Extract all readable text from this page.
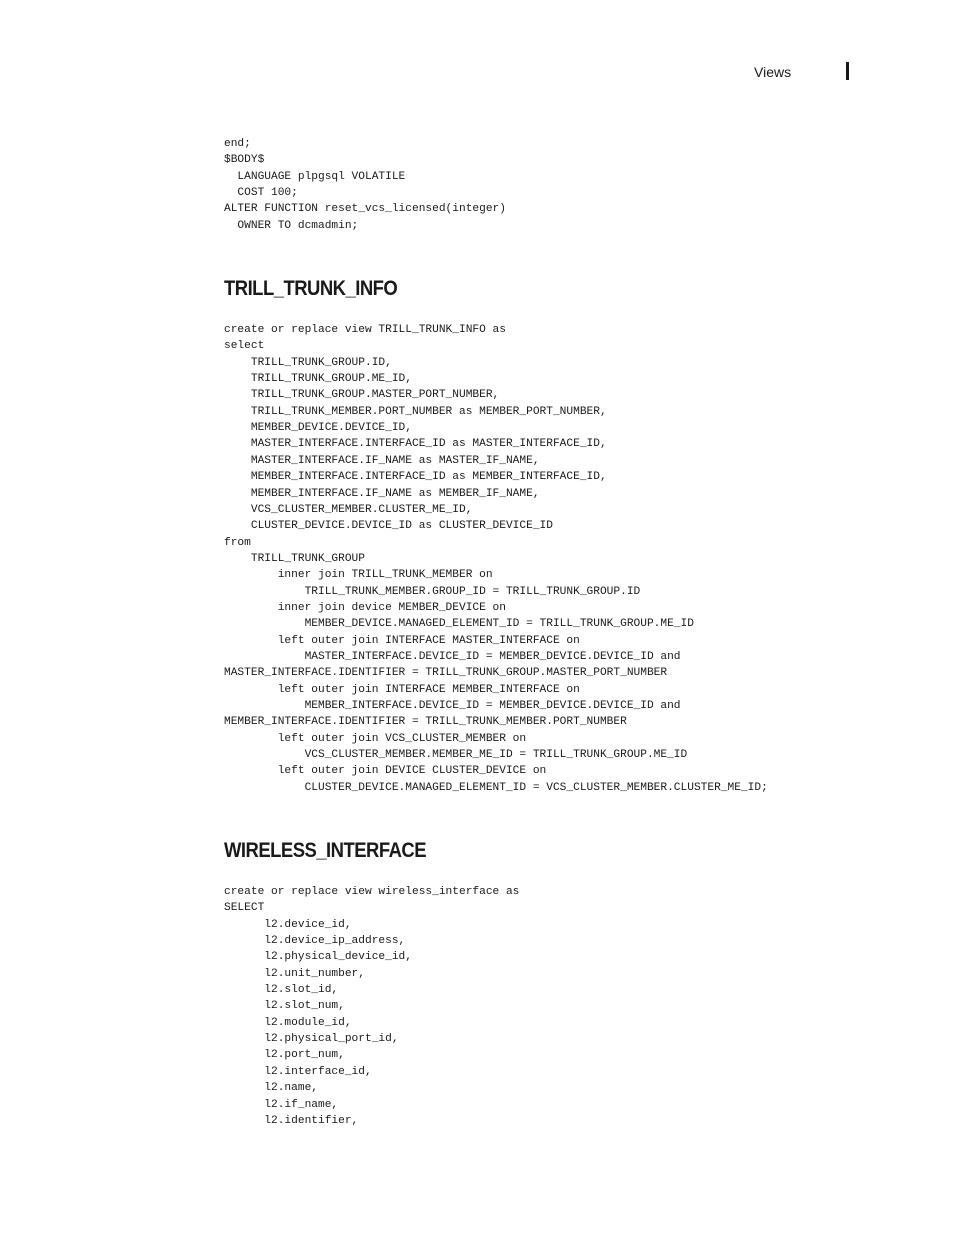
Views
end;
$BODY$
LANGUAGE plpgsql VOLATILE
COST 100;
ALTER FUNCTION reset_vcs_licensed(integer)
OWNER TO dcmadmin;
TRILL_TRUNK_INFO
create or replace view TRILL_TRUNK_INFO as
select
TRILL_TRUNK_GROUP.ID,
TRILL_TRUNK_GROUP.ME_ID,
TRILL_TRUNK_GROUP.MASTER_PORT_NUMBER,
TRILL_TRUNK_MEMBER.PORT_NUMBER as MEMBER_PORT_NUMBER,
MEMBER_DEVICE.DEVICE_ID,
MASTER_INTERFACE.INTERFACE_ID as MASTER_INTERFACE_ID,
MASTER_INTERFACE.IF_NAME as MASTER_IF_NAME,
MEMBER_INTERFACE.INTERFACE_ID as MEMBER_INTERFACE_ID,
MEMBER_INTERFACE.IF_NAME as MEMBER_IF_NAME,
VCS_CLUSTER_MEMBER.CLUSTER_ME_ID,
CLUSTER_DEVICE.DEVICE_ID as CLUSTER_DEVICE_ID
from
TRILL_TRUNK_GROUP
inner join TRILL_TRUNK_MEMBER on
TRILL_TRUNK_MEMBER.GROUP_ID = TRILL_TRUNK_GROUP.ID
inner join device MEMBER_DEVICE on
MEMBER_DEVICE.MANAGED_ELEMENT_ID = TRILL_TRUNK_GROUP.ME_ID
left outer join INTERFACE MASTER_INTERFACE on
MASTER_INTERFACE.DEVICE_ID = MEMBER_DEVICE.DEVICE_ID and
MASTER_INTERFACE.IDENTIFIER = TRILL_TRUNK_GROUP.MASTER_PORT_NUMBER
left outer join INTERFACE MEMBER_INTERFACE on
MEMBER_INTERFACE.DEVICE_ID = MEMBER_DEVICE.DEVICE_ID and
MEMBER_INTERFACE.IDENTIFIER = TRILL_TRUNK_MEMBER.PORT_NUMBER
left outer join VCS_CLUSTER_MEMBER on
VCS_CLUSTER_MEMBER.MEMBER_ME_ID = TRILL_TRUNK_GROUP.ME_ID
left outer join DEVICE CLUSTER_DEVICE on
CLUSTER_DEVICE.MANAGED_ELEMENT_ID = VCS_CLUSTER_MEMBER.CLUSTER_ME_ID;
WIRELESS_INTERFACE
create or replace view wireless_interface as
SELECT
l2.device_id,
l2.device_ip_address,
l2.physical_device_id,
l2.unit_number,
l2.slot_id,
l2.slot_num,
l2.module_id,
l2.physical_port_id,
l2.port_num,
l2.interface_id,
l2.name,
l2.if_name,
l2.identifier,
